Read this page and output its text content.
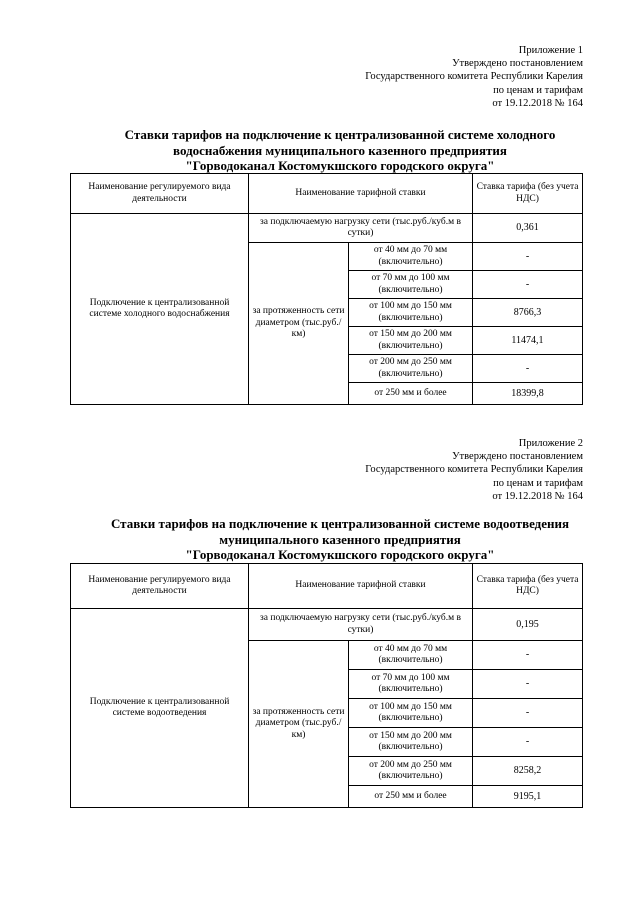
Приложение 1
Утверждено постановлением
Государственного комитета Республики Карелия
по ценам и тарифам
от 19.12.2018 № 164
Ставки тарифов на подключение к централизованной системе холодного
водоснабжения муниципального казенного предприятия
"Горводоканал Костомукшского городского округа"
Наименование регулируемого вида деятельности	Наименование тарифной ставки		Ставка тарифа (без учета НДС)
Подключение к централизованной системе холодного водоснабжения	за подключаемую нагрузку сети (тыс.руб./куб.м в сутки)		0,361
	за протяженность сети диаметром (тыс.руб./км)	от 40 мм до 70 мм (включительно)	-
		от 70 мм до 100 мм (включительно)	-
		от 100 мм до 150 мм (включительно)	8766,3
		от 150 мм до 200 мм (включительно)	11474,1
		от 200 мм до 250 мм (включительно)	-
		от 250 мм и более	18399,8
Приложение 2
Утверждено постановлением
Государственного комитета Республики Карелия
по ценам и тарифам
от 19.12.2018 № 164
Ставки тарифов на подключение к централизованной системе водоотведения
муниципального казенного предприятия
"Горводоканал Костомукшского городского округа"
Наименование регулируемого вида деятельности	Наименование тарифной ставки		Ставка тарифа (без учета НДС)
Подключение к централизованной системе водоотведения	за подключаемую нагрузку сети (тыс.руб./куб.м в сутки)		0,195
	за протяженность сети диаметром (тыс.руб./км)	от 40 мм до 70 мм (включительно)	-
		от 70 мм до 100 мм (включительно)	-
		от 100 мм до 150 мм (включительно)	-
		от 150 мм до 200 мм (включительно)	-
		от 200 мм до 250 мм (включительно)	8258,2
		от 250 мм и более	9195,1
